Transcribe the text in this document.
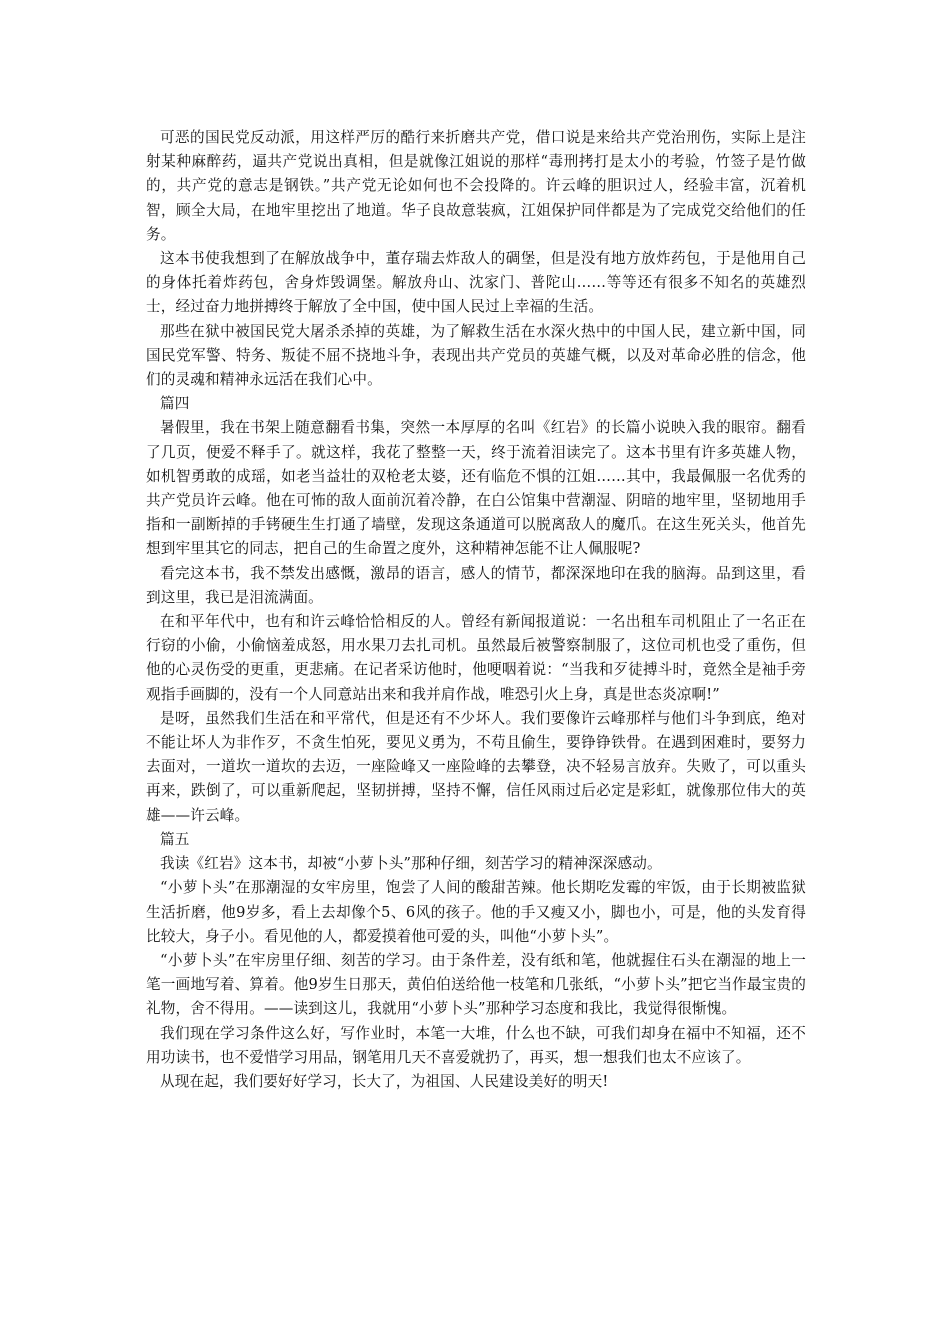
可恶的国民党反动派，用这样严厉的酷行来折磨共产党，借口说是来给共产党治刑伤，实际上是注射某种麻醉药，逼共产党说出真相，但是就像江姐说的那样“毒刑拷打是太小的考验，竹签子是竹做的，共产党的意志是钢铁。”共产党无论如何也不会投降的。许云峰的胆识过人，经验丰富，沉着机智，顾全大局，在地牢里挖出了地道。华子良故意装疯，江姐保护同伴都是为了完成党交给他们的任务。

这本书使我想到了在解放战争中，董存瑞去炸敌人的碉堡，但是没有地方放炸药包，于是他用自己的身体托着炸药包，舍身炸毁调堡。解放舟山、沈家门、普陀山……等等还有很多不知名的英雄烈士，经过奋力地拼搏终于解放了全中国，使中国人民过上幸福的生活。

那些在狱中被国民党大屠杀杀掉的英雄，为了解救生活在水深火热中的中国人民，建立新中国，同国民党军警、特务、叛徒不屈不挠地斗争，表现出共产党员的英雄气概，以及对革命必胜的信念，他们的灵魂和精神永远活在我们心中。

篇四

暑假里，我在书架上随意翻看书集，突然一本厚厚的名叫《红岩》的长篇小说映入我的眼帘。翻看了几页，便爱不释手了。就这样，我花了整整一天，终于流着泪读完了。这本书里有许多英雄人物，如机智勇敢的成瑶，如老当益壮的双枪老太婆，还有临危不惧的江姐……其中，我最佩服一名优秀的共产党员许云峰。他在可怖的敌人面前沉着冷静，在白公馆集中营潮湿、阴暗的地牢里，坚韧地用手指和一副断掉的手铐硬生生打通了墙壁，发现这条通道可以脱离敌人的魔爪。在这生死关头，他首先想到牢里其它的同志，把自己的生命置之度外，这种精神怎能不让人佩服呢?

看完这本书，我不禁发出感慨，激昂的语言，感人的情节，都深深地印在我的脑海。品到这里，看到这里，我已是泪流满面。

在和平年代中，也有和许云峰恰恰相反的人。曾经有新闻报道说：一名出租车司机阻止了一名正在行窃的小偷，小偷恼羞成怒，用水果刀去扎司机。虽然最后被警察制服了，这位司机也受了重伤，但他的心灵伤受的更重，更悲痛。在记者采访他时，他哽咽着说：“当我和歹徒搏斗时，竟然全是袖手旁观指手画脚的，没有一个人同意站出来和我并肩作战，唯恐引火上身，真是世态炎凉啊!”

是呀，虽然我们生活在和平常代，但是还有不少坏人。我们要像许云峰那样与他们斗争到底，绝对不能让坏人为非作歹，不贪生怕死，要见义勇为，不苟且偷生，要铮铮铁骨。在遇到困难时，要努力去面对，一道坎一道坎的去迈，一座险峰又一座险峰的去攀登，决不轻易言放弃。失败了，可以重头再来，跌倒了，可以重新爬起，坚韧拼搏，坚持不懈，信任风雨过后必定是彩虹，就像那位伟大的英雄——许云峰。

篇五

我读《红岩》这本书，却被“小萝卜头”那种仔细，刻苦学习的精神深深感动。

“小萝卜头”在那潮湿的女牢房里，饱尝了人间的酸甜苦辣。他长期吃发霉的牢饭，由于长期被监狱生活折磨，他9岁多，看上去却像个5、6风的孩子。他的手又瘦又小，脚也小，可是，他的头发育得比较大，身子小。看见他的人，都爱摸着他可爱的头，叫他“小萝卜头”。

“小萝卜头”在牢房里仔细、刻苦的学习。由于条件差，没有纸和笔，他就握住石头在潮湿的地上一笔一画地写着、算着。他9岁生日那天，黄伯伯送给他一枝笔和几张纸，“小萝卜头”把它当作最宝贵的礼物，舍不得用。——读到这儿，我就用“小萝卜头”那种学习态度和我比，我觉得很惭愧。

我们现在学习条件这么好，写作业时，本笔一大堆，什么也不缺，可我们却身在福中不知福，还不用功读书，也不爱惜学习用品，钢笔用几天不喜爱就扔了，再买，想一想我们也太不应该了。

从现在起，我们要好好学习，长大了，为祖国、人民建设美好的明天!
